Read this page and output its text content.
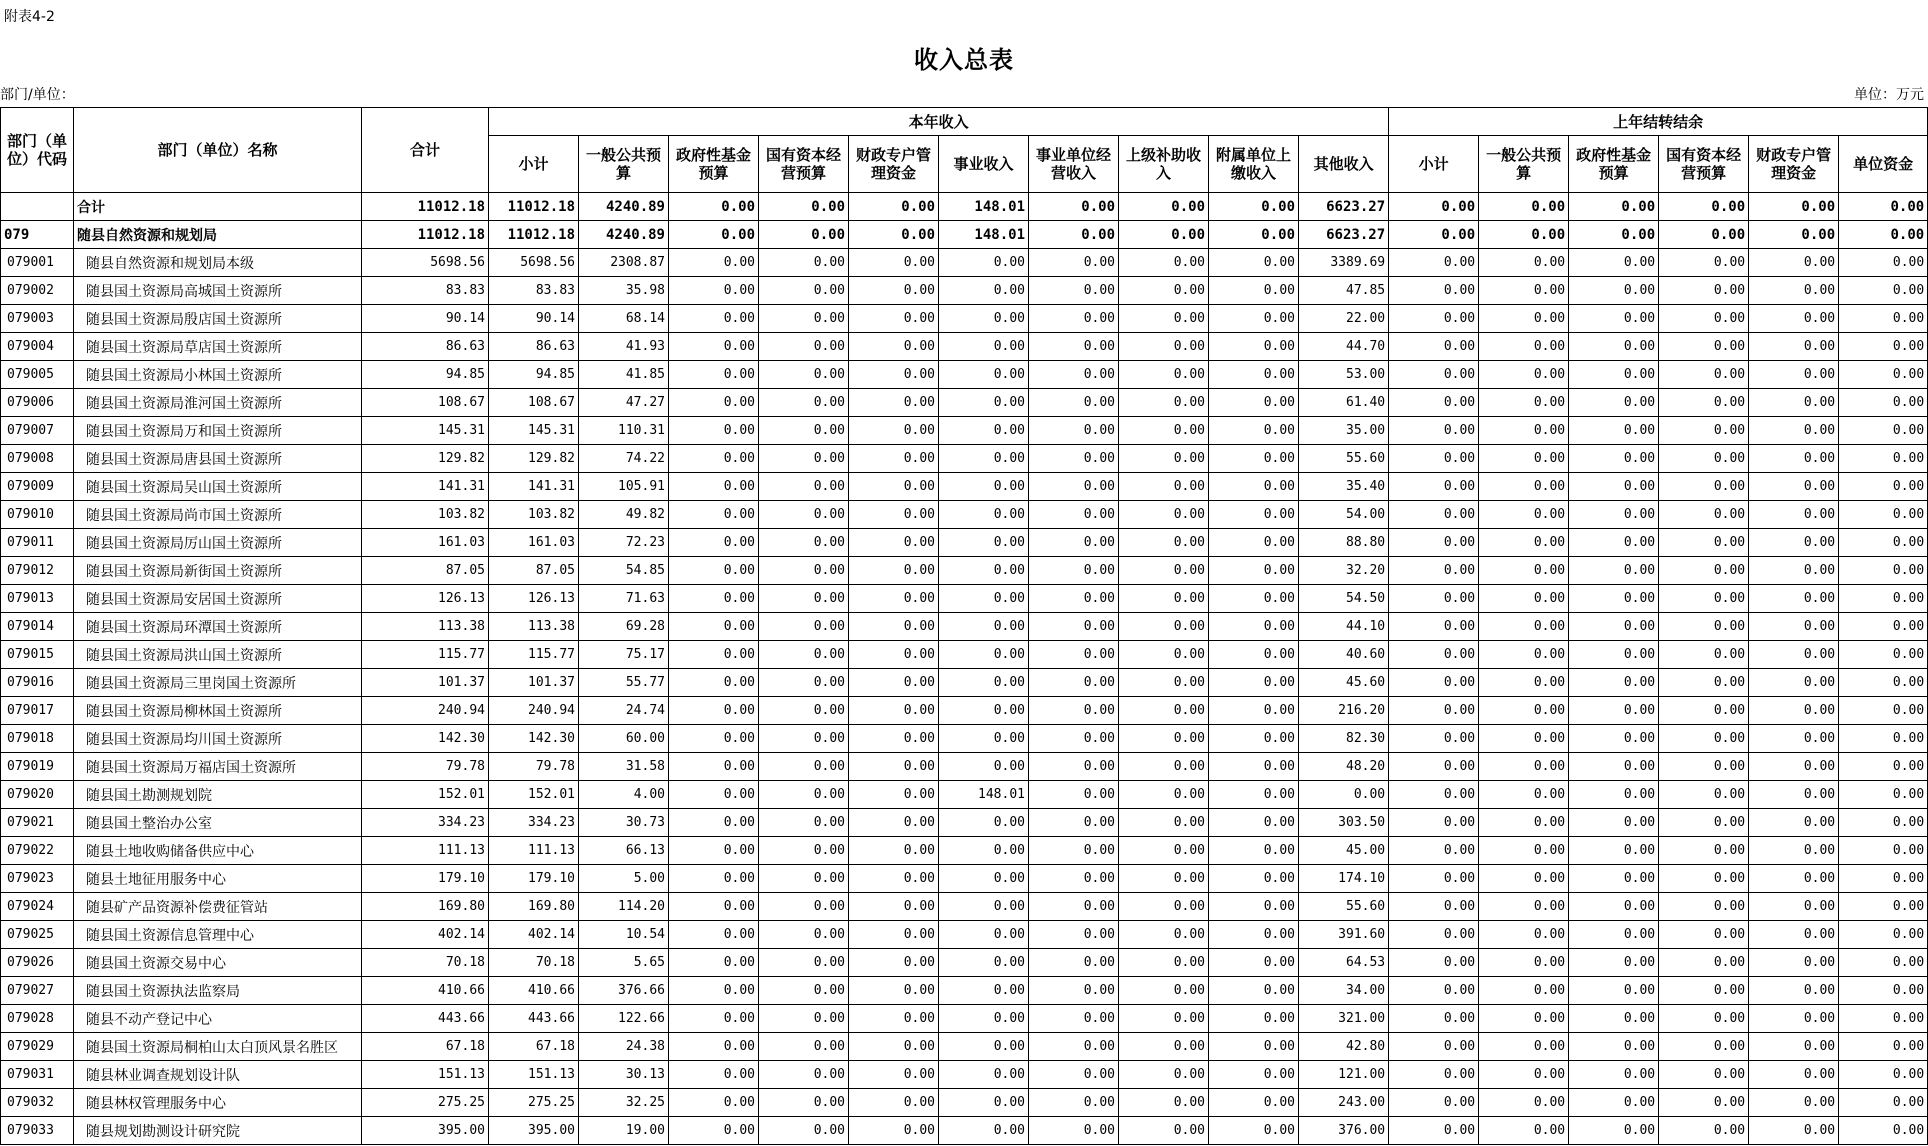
附表4-2
收入总表
部门/单位：	单位：万元
部门（单位）代码	部门（单位）名称	合计	本年收入										上年结转结余					
			小计	一般公共预算	政府性基金预算	国有资本经营预算	财政专户管理资金	事业收入	事业单位经营收入	上级补助收入	附属单位上缴收入	其他收入	小计	一般公共预算	政府性基金预算	国有资本经营预算	财政专户管理资金	单位资金
	合计	11012.18	11012.18	4240.89	0.00	0.00	0.00	148.01	0.00	0.00	0.00	6623.27	0.00	0.00	0.00	0.00	0.00	0.00
079	随县自然资源和规划局	11012.18	11012.18	4240.89	0.00	0.00	0.00	148.01	0.00	0.00	0.00	6623.27	0.00	0.00	0.00	0.00	0.00	0.00
079001	随县自然资源和规划局本级	5698.56	5698.56	2308.87	0.00	0.00	0.00	0.00	0.00	0.00	0.00	3389.69	0.00	0.00	0.00	0.00	0.00	0.00
079002	随县国土资源局高城国土资源所	83.83	83.83	35.98	0.00	0.00	0.00	0.00	0.00	0.00	0.00	47.85	0.00	0.00	0.00	0.00	0.00	0.00
079003	随县国土资源局殷店国土资源所	90.14	90.14	68.14	0.00	0.00	0.00	0.00	0.00	0.00	0.00	22.00	0.00	0.00	0.00	0.00	0.00	0.00
079004	随县国土资源局草店国土资源所	86.63	86.63	41.93	0.00	0.00	0.00	0.00	0.00	0.00	0.00	44.70	0.00	0.00	0.00	0.00	0.00	0.00
079005	随县国土资源局小林国土资源所	94.85	94.85	41.85	0.00	0.00	0.00	0.00	0.00	0.00	0.00	53.00	0.00	0.00	0.00	0.00	0.00	0.00
079006	随县国土资源局淮河国土资源所	108.67	108.67	47.27	0.00	0.00	0.00	0.00	0.00	0.00	0.00	61.40	0.00	0.00	0.00	0.00	0.00	0.00
079007	随县国土资源局万和国土资源所	145.31	145.31	110.31	0.00	0.00	0.00	0.00	0.00	0.00	0.00	35.00	0.00	0.00	0.00	0.00	0.00	0.00
079008	随县国土资源局唐县国土资源所	129.82	129.82	74.22	0.00	0.00	0.00	0.00	0.00	0.00	0.00	55.60	0.00	0.00	0.00	0.00	0.00	0.00
079009	随县国土资源局吴山国土资源所	141.31	141.31	105.91	0.00	0.00	0.00	0.00	0.00	0.00	0.00	35.40	0.00	0.00	0.00	0.00	0.00	0.00
079010	随县国土资源局尚市国土资源所	103.82	103.82	49.82	0.00	0.00	0.00	0.00	0.00	0.00	0.00	54.00	0.00	0.00	0.00	0.00	0.00	0.00
079011	随县国土资源局厉山国土资源所	161.03	161.03	72.23	0.00	0.00	0.00	0.00	0.00	0.00	0.00	88.80	0.00	0.00	0.00	0.00	0.00	0.00
079012	随县国土资源局新街国土资源所	87.05	87.05	54.85	0.00	0.00	0.00	0.00	0.00	0.00	0.00	32.20	0.00	0.00	0.00	0.00	0.00	0.00
079013	随县国土资源局安居国土资源所	126.13	126.13	71.63	0.00	0.00	0.00	0.00	0.00	0.00	0.00	54.50	0.00	0.00	0.00	0.00	0.00	0.00
079014	随县国土资源局环潭国土资源所	113.38	113.38	69.28	0.00	0.00	0.00	0.00	0.00	0.00	0.00	44.10	0.00	0.00	0.00	0.00	0.00	0.00
079015	随县国土资源局洪山国土资源所	115.77	115.77	75.17	0.00	0.00	0.00	0.00	0.00	0.00	0.00	40.60	0.00	0.00	0.00	0.00	0.00	0.00
079016	随县国土资源局三里岗国土资源所	101.37	101.37	55.77	0.00	0.00	0.00	0.00	0.00	0.00	0.00	45.60	0.00	0.00	0.00	0.00	0.00	0.00
079017	随县国土资源局柳林国土资源所	240.94	240.94	24.74	0.00	0.00	0.00	0.00	0.00	0.00	0.00	216.20	0.00	0.00	0.00	0.00	0.00	0.00
079018	随县国土资源局均川国土资源所	142.30	142.30	60.00	0.00	0.00	0.00	0.00	0.00	0.00	0.00	82.30	0.00	0.00	0.00	0.00	0.00	0.00
079019	随县国土资源局万福店国土资源所	79.78	79.78	31.58	0.00	0.00	0.00	0.00	0.00	0.00	0.00	48.20	0.00	0.00	0.00	0.00	0.00	0.00
079020	随县国土勘测规划院	152.01	152.01	4.00	0.00	0.00	0.00	148.01	0.00	0.00	0.00	0.00	0.00	0.00	0.00	0.00	0.00	0.00
079021	随县国土整治办公室	334.23	334.23	30.73	0.00	0.00	0.00	0.00	0.00	0.00	0.00	303.50	0.00	0.00	0.00	0.00	0.00	0.00
079022	随县土地收购储备供应中心	111.13	111.13	66.13	0.00	0.00	0.00	0.00	0.00	0.00	0.00	45.00	0.00	0.00	0.00	0.00	0.00	0.00
079023	随县土地征用服务中心	179.10	179.10	5.00	0.00	0.00	0.00	0.00	0.00	0.00	0.00	174.10	0.00	0.00	0.00	0.00	0.00	0.00
079024	随县矿产品资源补偿费征管站	169.80	169.80	114.20	0.00	0.00	0.00	0.00	0.00	0.00	0.00	55.60	0.00	0.00	0.00	0.00	0.00	0.00
079025	随县国土资源信息管理中心	402.14	402.14	10.54	0.00	0.00	0.00	0.00	0.00	0.00	0.00	391.60	0.00	0.00	0.00	0.00	0.00	0.00
079026	随县国土资源交易中心	70.18	70.18	5.65	0.00	0.00	0.00	0.00	0.00	0.00	0.00	64.53	0.00	0.00	0.00	0.00	0.00	0.00
079027	随县国土资源执法监察局	410.66	410.66	376.66	0.00	0.00	0.00	0.00	0.00	0.00	0.00	34.00	0.00	0.00	0.00	0.00	0.00	0.00
079028	随县不动产登记中心	443.66	443.66	122.66	0.00	0.00	0.00	0.00	0.00	0.00	0.00	321.00	0.00	0.00	0.00	0.00	0.00	0.00
079029	随县国土资源局桐柏山太白顶风景名胜区	67.18	67.18	24.38	0.00	0.00	0.00	0.00	0.00	0.00	0.00	42.80	0.00	0.00	0.00	0.00	0.00	0.00
079031	随县林业调查规划设计队	151.13	151.13	30.13	0.00	0.00	0.00	0.00	0.00	0.00	0.00	121.00	0.00	0.00	0.00	0.00	0.00	0.00
079032	随县林权管理服务中心	275.25	275.25	32.25	0.00	0.00	0.00	0.00	0.00	0.00	0.00	243.00	0.00	0.00	0.00	0.00	0.00	0.00
079033	随县规划勘测设计研究院	395.00	395.00	19.00	0.00	0.00	0.00	0.00	0.00	0.00	0.00	376.00	0.00	0.00	0.00	0.00	0.00	0.00
